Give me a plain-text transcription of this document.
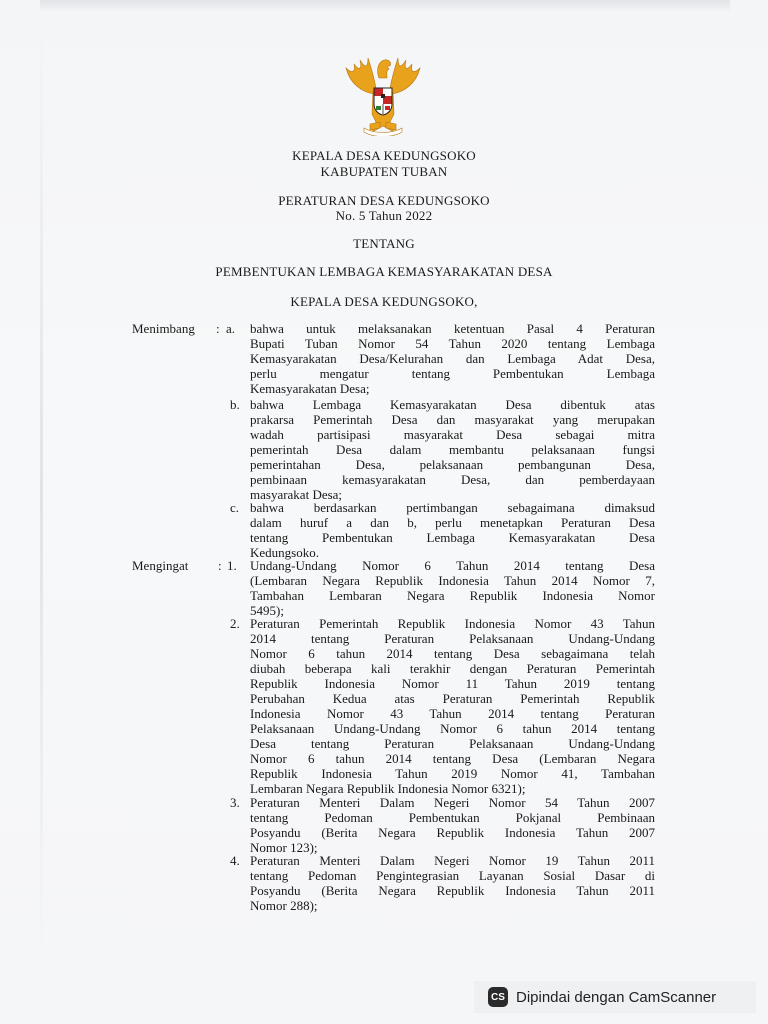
KEPALA DESA KEDUNGSOKO
KABUPATEN TUBAN
PERATURAN DESA KEDUNGSOKO
No. 5 Tahun 2022
TENTANG
PEMBENTUKAN LEMBAGA KEMASYARAKATAN DESA
KEPALA DESA KEDUNGSOKO,
Menimbang : a. bahwa untuk melaksanakan ketentuan Pasal 4 Peraturan
Bupati Tuban Nomor 54 Tahun 2020 tentang Lembaga
Kemasyarakatan Desa/Kelurahan dan Lembaga Adat Desa,
perlu mengatur tentang Pembentukan Lembaga
Kemasyarakatan Desa;
b. bahwa Lembaga Kemasyarakatan Desa dibentuk atas
prakarsa Pemerintah Desa dan masyarakat yang merupakan
wadah partisipasi masyarakat Desa sebagai mitra
pemerintah Desa dalam membantu pelaksanaan fungsi
pemerintahan Desa, pelaksanaan pembangunan Desa,
pembinaan kemasyarakatan Desa, dan pemberdayaan
masyarakat Desa;
c. bahwa berdasarkan pertimbangan sebagaimana dimaksud
dalam huruf a dan b, perlu menetapkan Peraturan Desa
tentang Pembentukan Lembaga Kemasyarakatan Desa
Kedungsoko.
Mengingat : 1. Undang-Undang Nomor 6 Tahun 2014 tentang Desa
(Lembaran Negara Republik Indonesia Tahun 2014 Nomor 7,
Tambahan Lembaran Negara Republik Indonesia Nomor
5495);
2. Peraturan Pemerintah Republik Indonesia Nomor 43 Tahun
2014 tentang Peraturan Pelaksanaan Undang-Undang
Nomor 6 tahun 2014 tentang Desa sebagaimana telah
diubah beberapa kali terakhir dengan Peraturan Pemerintah
Republik Indonesia Nomor 11 Tahun 2019 tentang
Perubahan Kedua atas Peraturan Pemerintah Republik
Indonesia Nomor 43 Tahun 2014 tentang Peraturan
Pelaksanaan Undang-Undang Nomor 6 tahun 2014 tentang
Desa tentang Peraturan Pelaksanaan Undang-Undang
Nomor 6 tahun 2014 tentang Desa (Lembaran Negara
Republik Indonesia Tahun 2019 Nomor 41, Tambahan
Lembaran Negara Republik Indonesia Nomor 6321);
3. Peraturan Menteri Dalam Negeri Nomor 54 Tahun 2007
tentang Pedoman Pembentukan Pokjanal Pembinaan
Posyandu (Berita Negara Republik Indonesia Tahun 2007
Nomor 123);
4. Peraturan Menteri Dalam Negeri Nomor 19 Tahun 2011
tentang Pedoman Pengintegrasian Layanan Sosial Dasar di
Posyandu (Berita Negara Republik Indonesia Tahun 2011
Nomor 288);
CS Dipindai dengan CamScanner
